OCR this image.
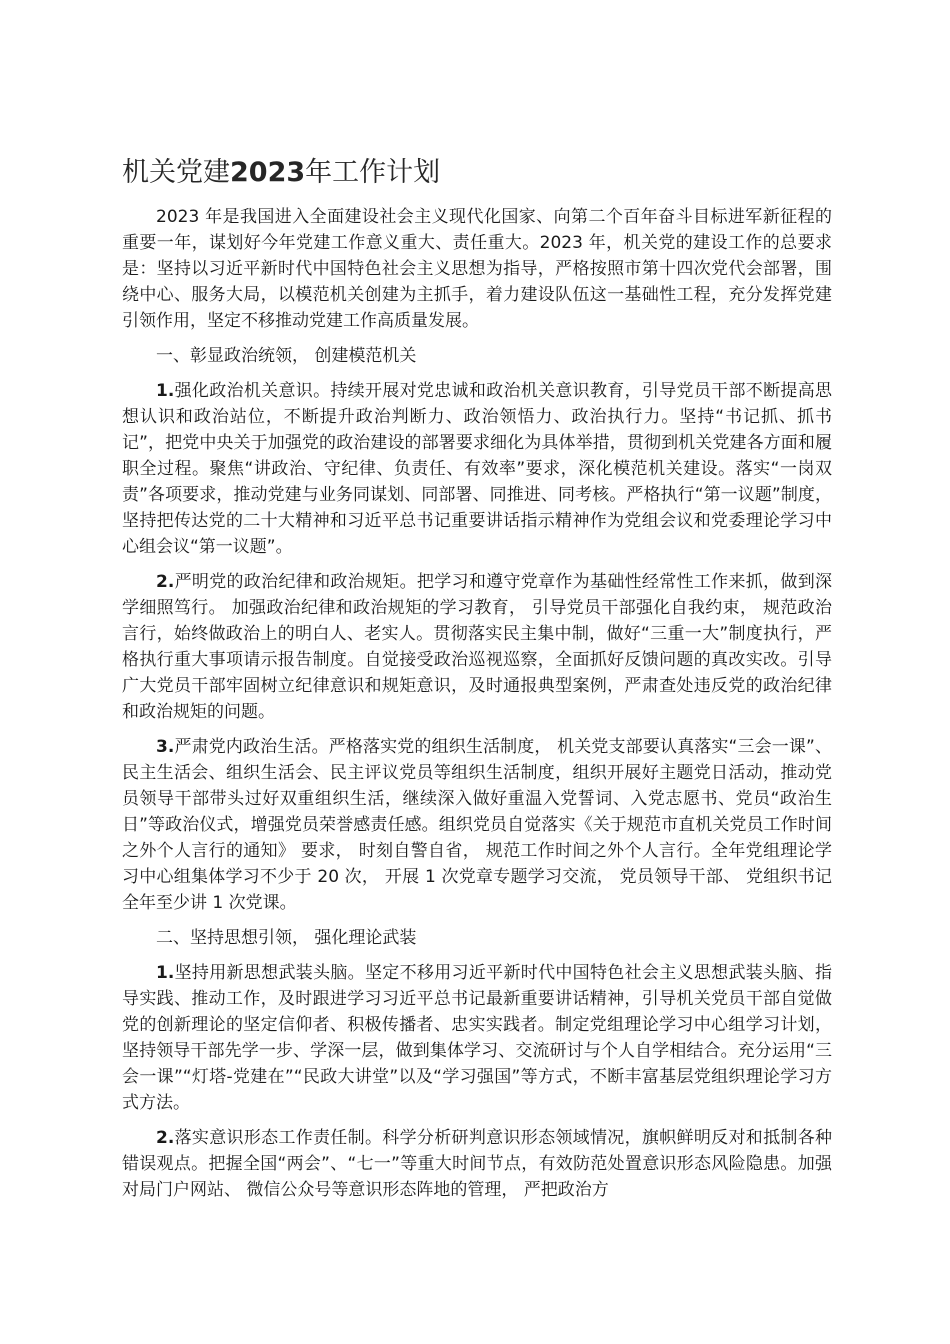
机关党建2023年工作计划

2023 年是我国进入全面建设社会主义现代化国家、向第二个百年奋斗目标进军新征程的重要一年，谋划好今年党建工作意义重大、责任重大。2023 年，机关党的建设工作的总要求是：坚持以习近平新时代中国特色社会主义思想为指导，严格按照市第十四次党代会部署，围绕中心、服务大局，以模范机关创建为主抓手，着力建设队伍这一基础性工程，充分发挥党建引领作用，坚定不移推动党建工作高质量发展。

一、彰显政治统领， 创建模范机关

1.强化政治机关意识。持续开展对党忠诚和政治机关意识教育，引导党员干部不断提高思想认识和政治站位，不断提升政治判断力、政治领悟力、政治执行力。坚持“书记抓、抓书记”，把党中央关于加强党的政治建设的部署要求细化为具体举措，贯彻到机关党建各方面和履职全过程。聚焦“讲政治、守纪律、负责任、有效率”要求，深化模范机关建设。落实“一岗双责”各项要求，推动党建与业务同谋划、同部署、同推进、同考核。严格执行“第一议题”制度，坚持把传达党的二十大精神和习近平总书记重要讲话指示精神作为党组会议和党委理论学习中心组会议“第一议题”。

2.严明党的政治纪律和政治规矩。把学习和遵守党章作为基础性经常性工作来抓，做到深学细照笃行。 加强政治纪律和政治规矩的学习教育， 引导党员干部强化自我约束， 规范政治言行，始终做政治上的明白人、老实人。贯彻落实民主集中制，做好“三重一大”制度执行，严格执行重大事项请示报告制度。自觉接受政治巡视巡察，全面抓好反馈问题的真改实改。引导广大党员干部牢固树立纪律意识和规矩意识，及时通报典型案例，严肃查处违反党的政治纪律和政治规矩的问题。

3.严肃党内政治生活。严格落实党的组织生活制度， 机关党支部要认真落实“三会一课”、民主生活会、组织生活会、民主评议党员等组织生活制度，组织开展好主题党日活动，推动党员领导干部带头过好双重组织生活，继续深入做好重温入党誓词、入党志愿书、党员“政治生日”等政治仪式，增强党员荣誉感责任感。组织党员自觉落实《关于规范市直机关党员工作时间之外个人言行的通知》 要求， 时刻自警自省， 规范工作时间之外个人言行。全年党组理论学习中心组集体学习不少于 20 次， 开展 1 次党章专题学习交流， 党员领导干部、 党组织书记全年至少讲 1 次党课。

二、坚持思想引领， 强化理论武装

1.坚持用新思想武装头脑。坚定不移用习近平新时代中国特色社会主义思想武装头脑、指导实践、推动工作，及时跟进学习习近平总书记最新重要讲话精神，引导机关党员干部自觉做党的创新理论的坚定信仰者、积极传播者、忠实实践者。制定党组理论学习中心组学习计划，坚持领导干部先学一步、学深一层，做到集体学习、交流研讨与个人自学相结合。充分运用“三会一课”“灯塔-党建在”“民政大讲堂”以及“学习强国”等方式，不断丰富基层党组织理论学习方式方法。

2.落实意识形态工作责任制。科学分析研判意识形态领域情况，旗帜鲜明反对和抵制各种错误观点。把握全国“两会”、“七一”等重大时间节点，有效防范处置意识形态风险隐患。加强对局门户网站、 微信公众号等意识形态阵地的管理， 严把政治方
